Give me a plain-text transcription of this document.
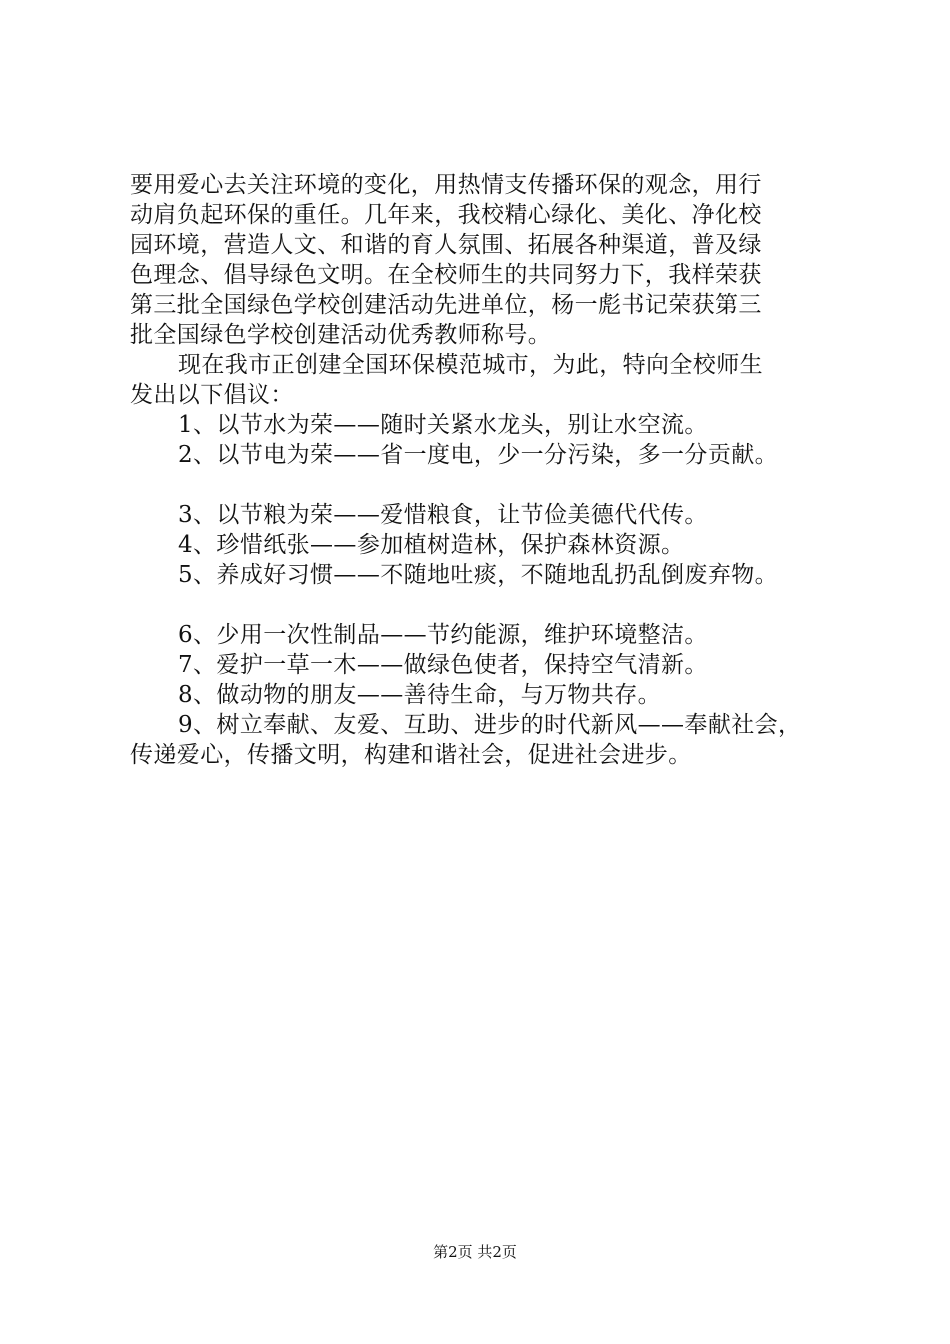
要用爱心去关注环境的变化，用热情支传播环保的观念，用行
动肩负起环保的重任。几年来，我校精心绿化、美化、净化校
园环境，营造人文、和谐的育人氛围、拓展各种渠道，普及绿
色理念、倡导绿色文明。在全校师生的共同努力下，我样荣获
第三批全国绿色学校创建活动先进单位，杨一彪书记荣获第三
批全国绿色学校创建活动优秀教师称号。
现在我市正创建全国环保模范城市，为此，特向全校师生
发出以下倡议：
1、以节水为荣——随时关紧水龙头，别让水空流。
2、以节电为荣——省一度电，少一分污染，多一分贡献。
3、以节粮为荣——爱惜粮食，让节俭美德代代传。
4、珍惜纸张——参加植树造林，保护森林资源。
5、养成好习惯——不随地吐痰，不随地乱扔乱倒废弃物。
6、少用一次性制品——节约能源，维护环境整洁。
7、爱护一草一木——做绿色使者，保持空气清新。
8、做动物的朋友——善待生命，与万物共存。
9、树立奉献、友爱、互助、进步的时代新风——奉献社会，
传递爱心，传播文明，构建和谐社会，促进社会进步。
第2页 共2页
